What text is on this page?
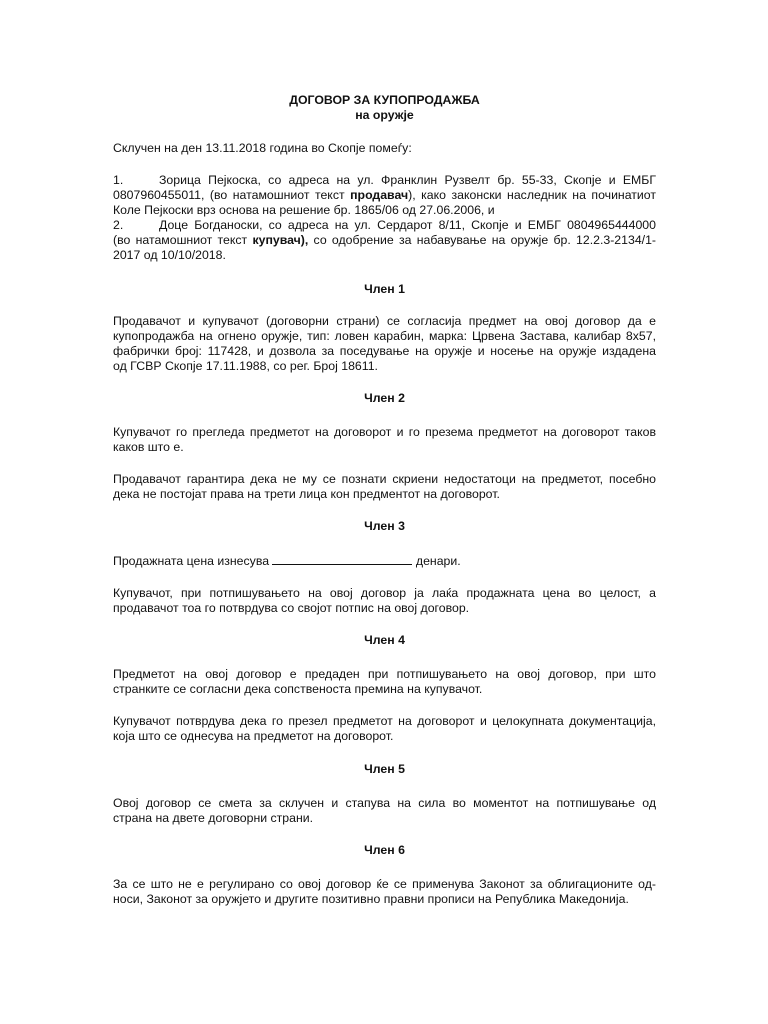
ДОГОВОР ЗА КУПОПРОДАЖБА
на оружје
Склучен на ден 13.11.2018 година во Скопје помеѓу:
1.	Зорица Пејкоска, со адреса на ул. Франклин Рузвелт бр. 55-33, Скопје и ЕМБГ
0807960455011, (во натамошниот текст продавач), како законски наследник на починатиот
Коле Пејкоски врз основа на решение бр. 1865/06 од 27.06.2006, и
2.	Доце Богданоски, со адреса на ул. Сердарот 8/11, Скопје и ЕМБГ 0804965444000
(во натамошниот текст купувач), со одобрение за набавување на оружје бр. 12.2.3-2134/1-
2017 од 10/10/2018.
Член 1
Продавачот и купувачот (договорни страни) се согласија предмет на овој договор да е
купопродажба на огнено оружје, тип: ловен карабин, марка: Црвена Застава, калибар 8х57,
фабрички број: 117428, и дозвола за поседување на оружје и носење на оружје издадена
од ГСВР Скопје 17.11.1988, со рег. Број 18611.
Член 2
Купувачот го прегледа предметот на договорот и го презема предметот на договорот таков
каков што е.
Продавачот гарантира дека не му се познати скриени недостатоци на предметот, посебно
дека не постојат права на трети лица кон предментот на договорот.
Член 3
Продажната цена изнесува	денари.
Купувачот, при потпишувањето на овој договор ја лаќа продажната цена во целост, а
продавачот тоа го потврдува со својот потпис на овој договор.
Член 4
Предметот на овој договор е предаден при потпишувањето на овој договор, при што
странките се согласни дека сопственоста премина на купувачот.
Купувачот потврдува дека го презел предметот на договорот и целокупната документација,
која што се однесува на предметот на договорот.
Член 5
Овој договор се смета за склучен и стапува на сила во моментот на потпишување од
страна на двете договорни страни.
Член 6
За се што не е регулирано со овој договор ќе се применува Законот за облигационите од-
носи, Законот за оружјето и другите позитивно правни прописи на Република Македонија.
